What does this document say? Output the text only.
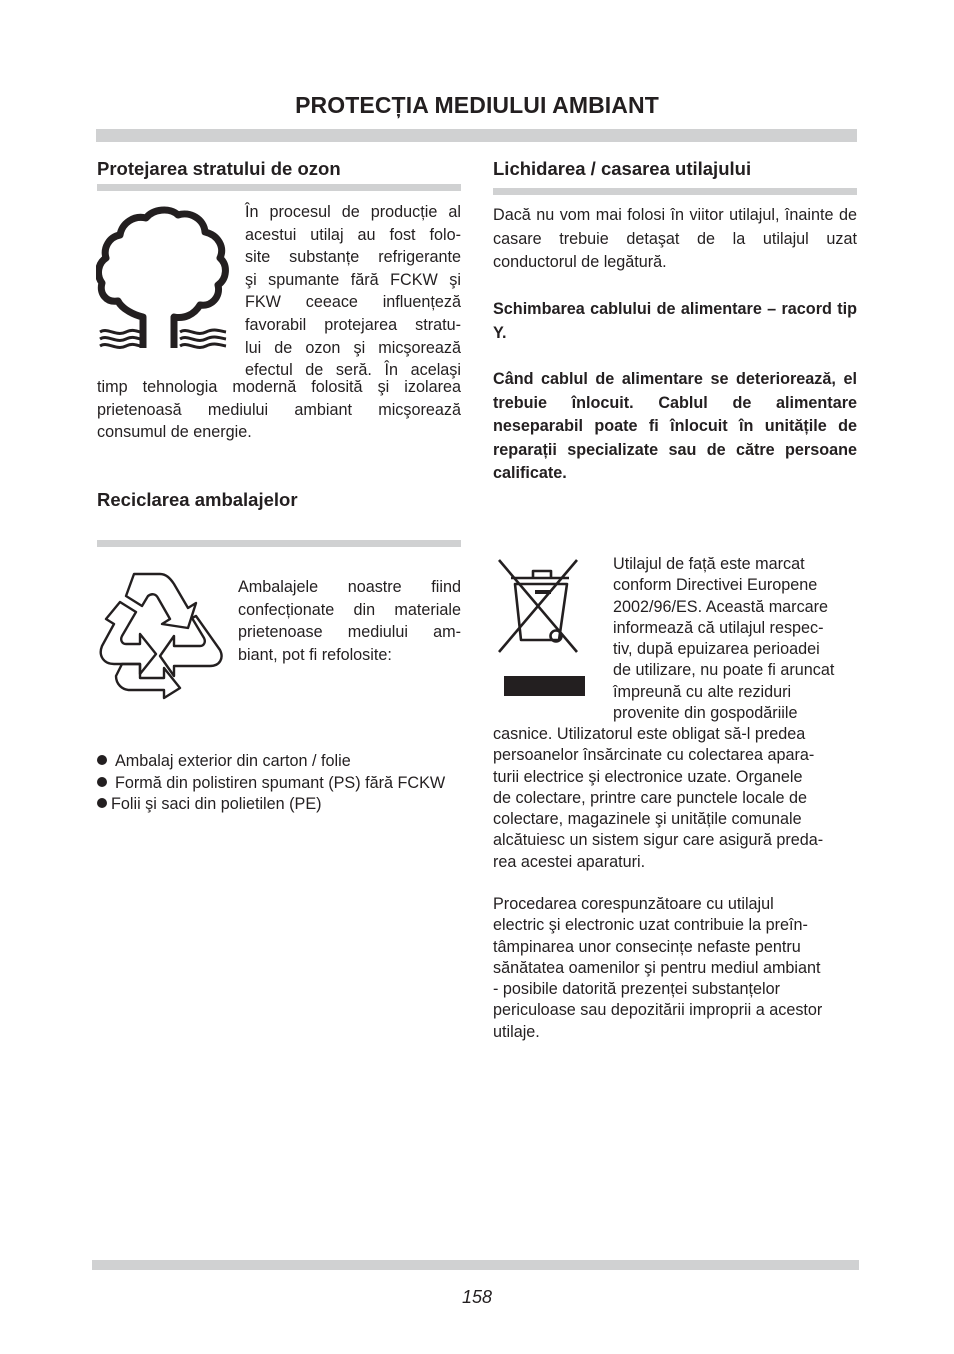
PROTECȚIA MEDIULUI AMBIANT
Protejarea stratului de ozon

În procesul de producție al

acestui utilaj au fost folo-

site substanțe refrigerante

şi spumante fără FCKW şi

FKW ceeace influențeză

favorabil protejarea stratu-

lui de ozon şi micşorează

efectul de seră. În acelaşi

timp tehnologia modernă folosită şi izolarea prietenoasă mediului ambiant micşorează consumul de energie.
Reciclarea ambalajelor

Ambalajele noastre fiind

confecționate din materiale

prietenoase mediului am-

biant, pot fi refolosite:

Ambalaj exterior din carton / folie
Formă din polistiren spumant (PS) fără FCKW
Folii şi saci din polietilen (PE)
Lichidarea / casarea utilajului
Dacă nu vom mai folosi în viitor utilajul, înainte de casare trebuie detaşat de la utilajul uzat conductorul de legătură.
Schimbarea cablului de alimentare – racord tip Y.
Când cablul de alimentare se deteriorează, el trebuie înlocuit. Cablul de alimentare neseparabil poate fi înlocuit în unitățile de reparații specializate sau de către persoane calificate.
Utilajul de față este marcat
conform Directivei Europene
2002/96/ES. Această marcare
informează că utilajul respec-
tiv, după epuizarea perioadei
de utilizare, nu poate fi aruncat
împreună cu alte reziduri
provenite din gospodăriile
casnice. Utilizatorul este obligat să-l predea
persoanelor însărcinate cu colectarea apara-
turii electrice şi electronice uzate. Organele
de colectare, printre care punctele locale de
colectare, magazinele şi unitățile comunale
alcătuiesc un sistem sigur care asigură preda-
rea acestei aparaturi.
Procedarea corespunzătoare cu utilajul
electric şi electronic uzat contribuie la preîn-
tâmpinarea unor consecințe nefaste pentru
sănătatea oamenilor şi pentru mediul ambiant
- posibile datorită prezenței substanțelor
periculoase sau depozitării improprii a acestor
utilaje.
158
